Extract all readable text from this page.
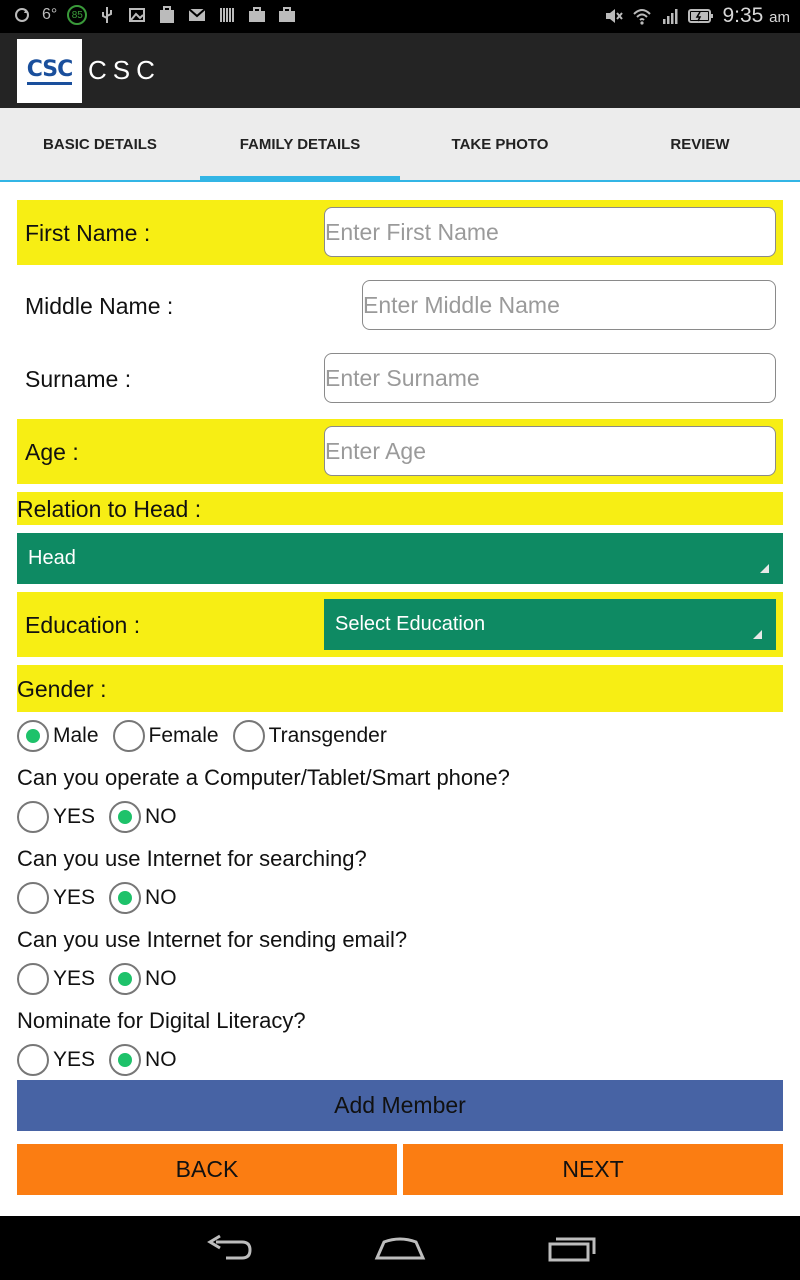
6°	85	9:35 am
CSC CSC
BASIC DETAILS	FAMILY DETAILS	TAKE PHOTO	REVIEW
First Name :	Enter First Name
Middle Name :	Enter Middle Name
Surname :	Enter Surname
Age :	Enter Age
Relation to Head :
Head
Education :	Select Education
Gender :
Male Female Transgender
Can you operate a Computer/Tablet/Smart phone?
YES NO
Can you use Internet for searching?
YES NO
Can you use Internet for sending email?
YES NO
Nominate for Digital Literacy?
YES NO
Add Member
BACK	NEXT
